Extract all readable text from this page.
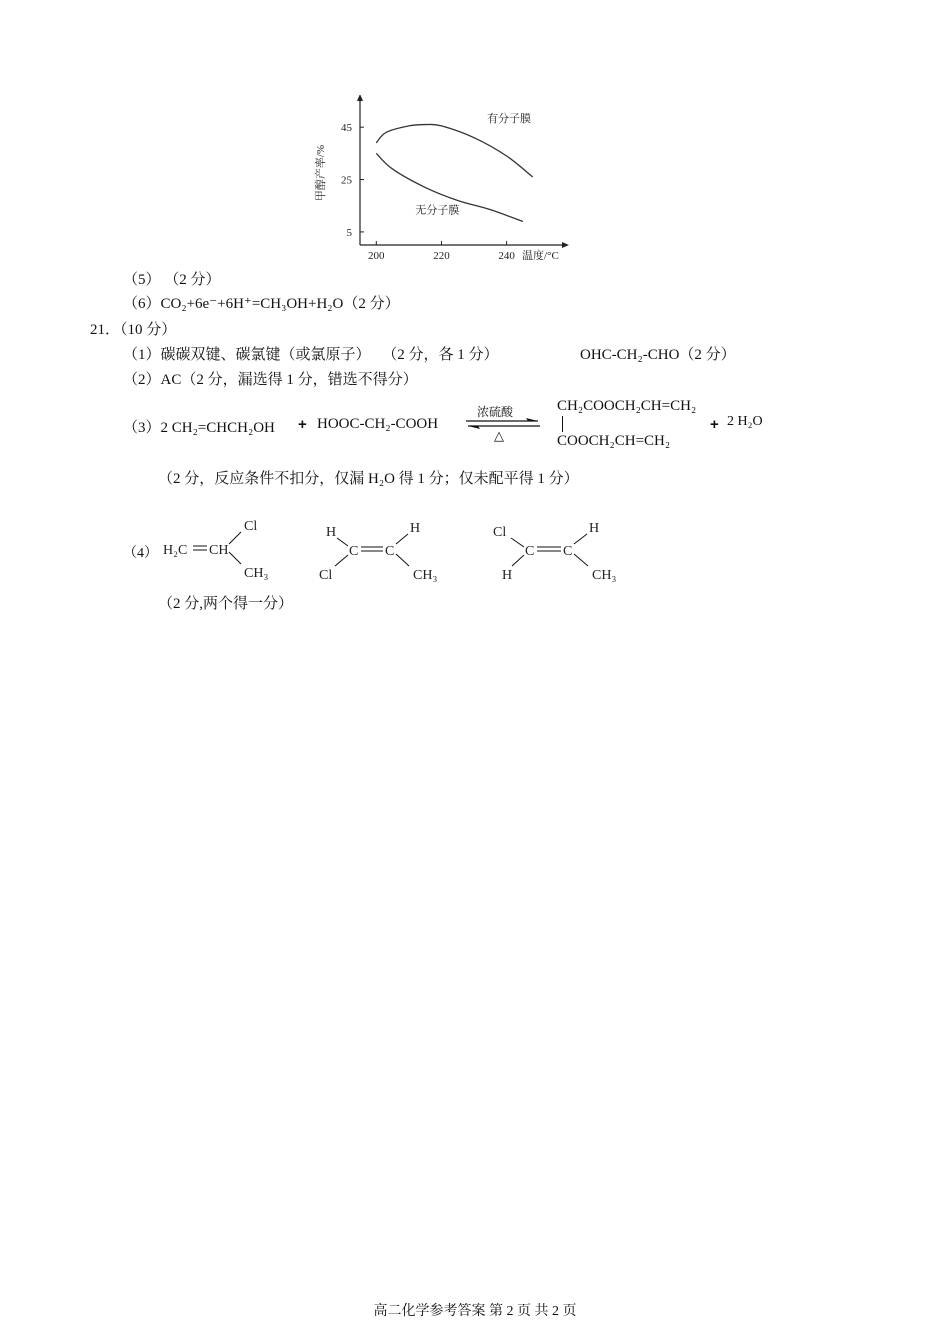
200	220	240
45
25
5
温度/°C
甲醇产率/%
有分子膜
无分子膜
（5） （2 分）
（6）CO₂+6e⁻+6H⁺=CH₃OH+H₂O（2 分）
21．（10 分）
（1）碳碳双键、碳氯键（或氯原子） （2 分，各 1 分）	OHC-CH₂-CHO（2 分）
（2）AC（2 分，漏选得 1 分，错选不得分）
（3）2 CH₂=CHCH₂OH + HOOC-CH₂-COOH
浓硫酸
△
CH₂COOCH₂CH=CH₂
COOCH₂CH=CH₂
+ 2 H₂O
（2 分，反应条件不扣分，仅漏 H₂O 得 1 分；仅未配平得 1 分）
（4） H₂C CH
Cl
CH₃
H
C
Cl
C
H
CH₃
Cl
C
H
C
H
CH₃
（2 分,两个得一分）
高二化学参考答案 第 2 页 共 2 页
